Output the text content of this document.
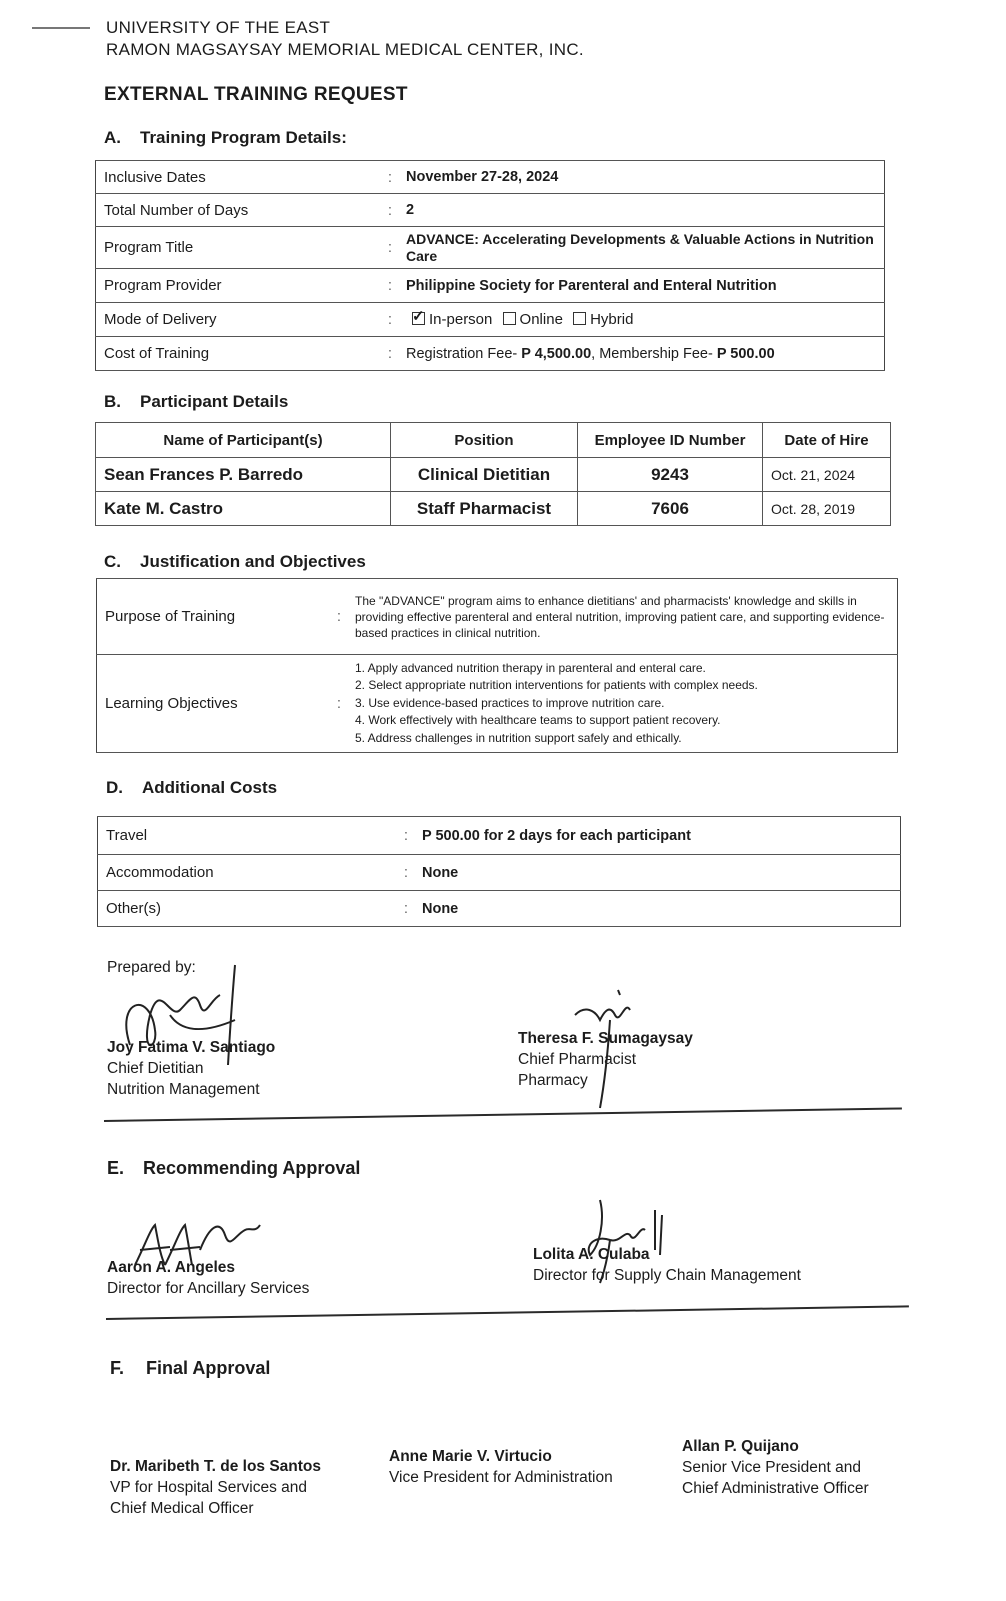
UNIVERSITY OF THE EAST
RAMON MAGSAYSAY MEMORIAL MEDICAL CENTER, INC.
EXTERNAL TRAINING REQUEST
A. Training Program Details:
Inclusive Dates	:	November 27-28, 2024
Total Number of Days	:	2
Program Title	:	ADVANCE: Accelerating Developments & Valuable Actions in Nutrition Care
Program Provider	:	Philippine Society for Parenteral and Enteral Nutrition
Mode of Delivery	:	✓In-person Online Hybrid
Cost of Training	:	Registration Fee- P 4,500.00, Membership Fee- P 500.00
B. Participant Details
Name of Participant(s)	Position	Employee ID Number	Date of Hire
Sean Frances P. Barredo	Clinical Dietitian	9243	Oct. 21, 2024
Kate M. Castro	Staff Pharmacist	7606	Oct. 28, 2019
C. Justification and Objectives
Purpose of Training	:	The "ADVANCE" program aims to enhance dietitians' and pharmacists' knowledge and skills in providing effective parenteral and enteral nutrition, improving patient care, and supporting evidence-based practices in clinical nutrition.
Learning Objectives	:	1. Apply advanced nutrition therapy in parenteral and enteral care.
2. Select appropriate nutrition interventions for patients with complex needs.
3. Use evidence-based practices to improve nutrition care.
4. Work effectively with healthcare teams to support patient recovery.
5. Address challenges in nutrition support safely and ethically.
D. Additional Costs
Travel	:	P 500.00 for 2 days for each participant
Accommodation	:	None
Other(s)	:	None
Prepared by:
Joy Fatima V. Santiago
Chief Dietitian
Nutrition Management
Theresa F. Sumagaysay
Chief Pharmacist
Pharmacy
E. Recommending Approval
Aaron A. Angeles
Director for Ancillary Services
Lolita A. Culaba
Director for Supply Chain Management
F. Final Approval
Dr. Maribeth T. de los Santos
VP for Hospital Services and
Chief Medical Officer
Anne Marie V. Virtucio
Vice President for Administration
Allan P. Quijano
Senior Vice President and
Chief Administrative Officer
